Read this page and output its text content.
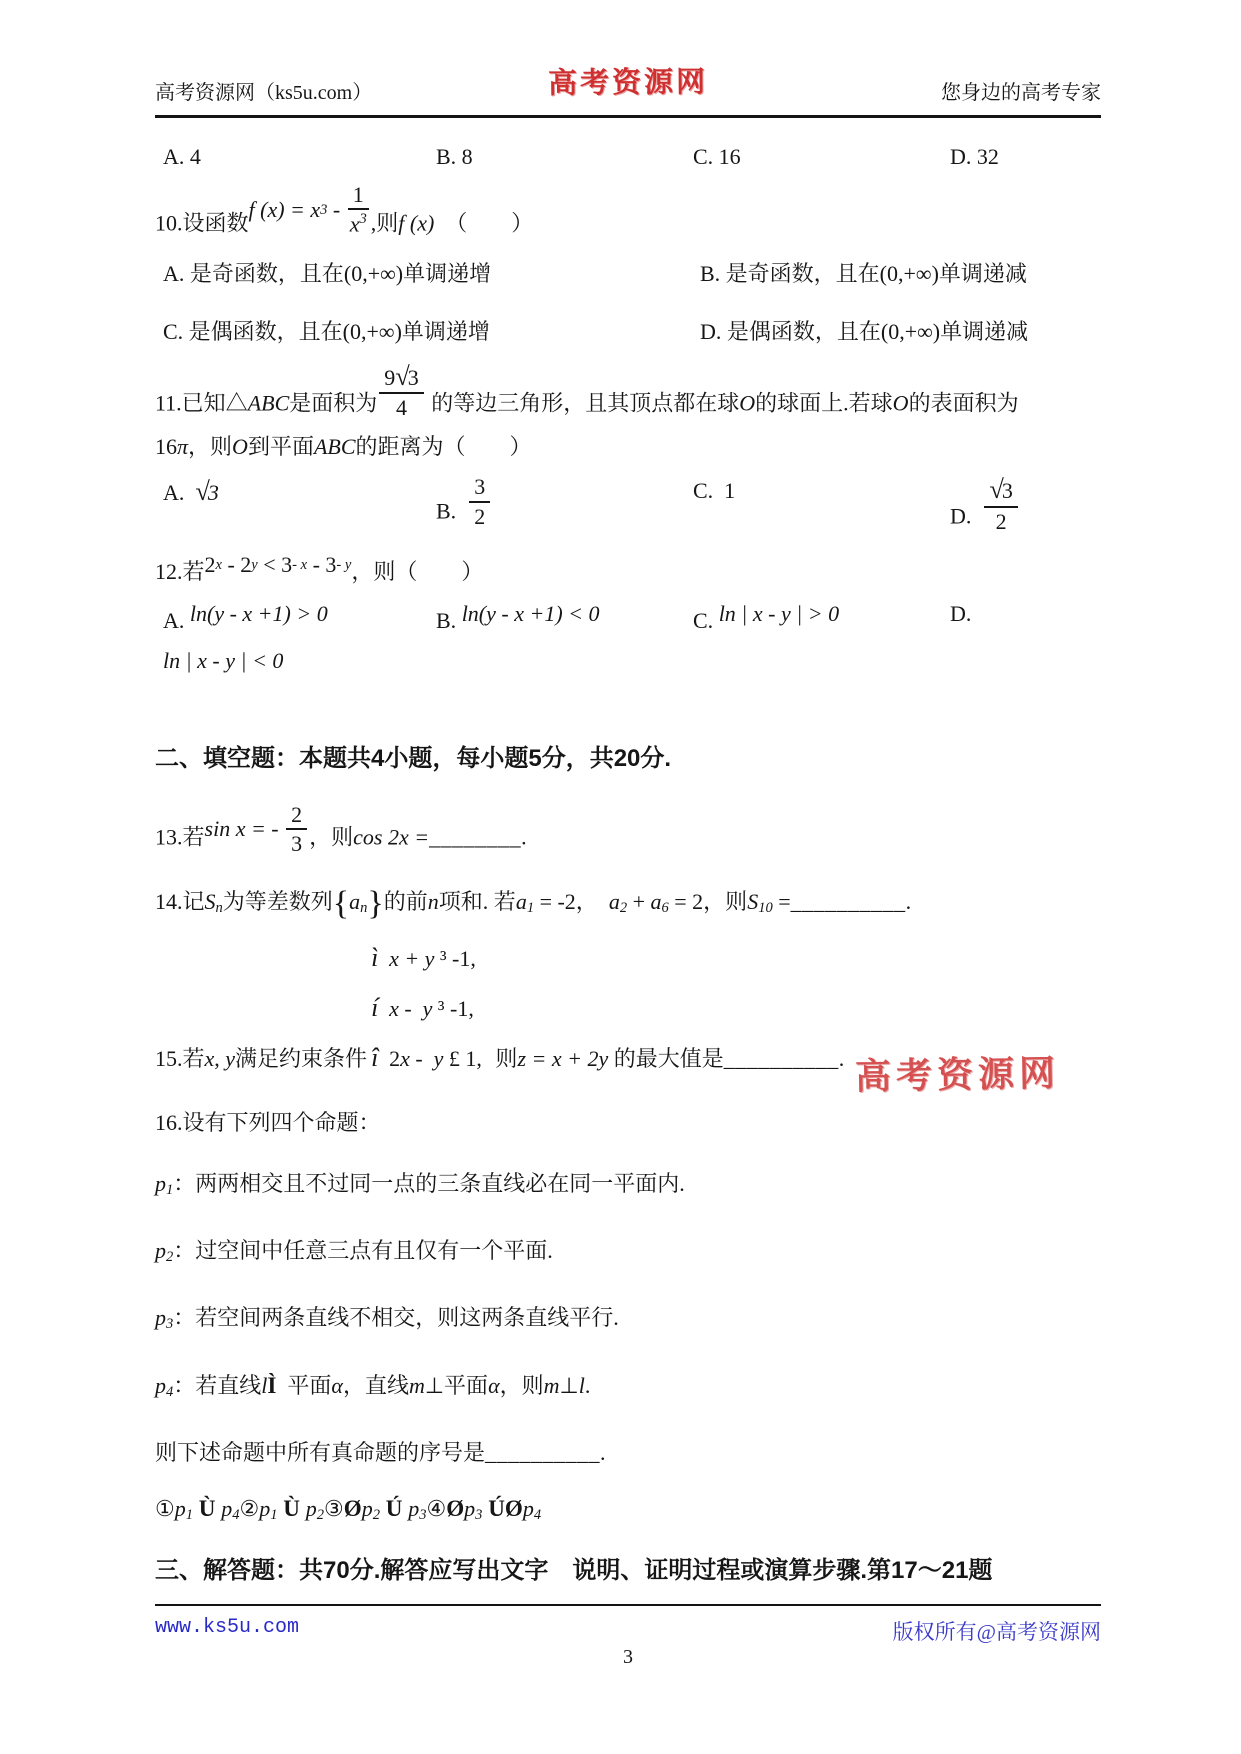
高考资源网（ks5u.com）	高考资源网	您身边的高考专家
A. 4	B. 8	C. 16	D. 32
10.设函数
f (x) = x $3 - \frac{1}{x^3}$ ,则f (x)  （　　）
A. 是奇函数，且在(0,+∞)单调递增	B. 是奇函数，且在(0,+∞)单调递减
C. 是偶函数，且在(0,+∞)单调递增	D. 是偶函数，且在(0,+∞)单调递减
11.已知△ABC是面积为 $\frac{9√3}{4}$ 的等边三角形，且其顶点都在球O的球面上.若球O的表面积为
16π，则O到平面ABC的距离为（　　）
A.  √3
B. $\frac{3}{2}$	C.  1
D. $\frac{√3}{2}$
12.若 2 x - 2 y < 3 - x - 3 - y ，则（　　）
A. ln(y - x +1) > 0	B. ln(y - x +1) < 0	C. ln | x - y | > 0	D.
ln | x - y | < 0
二、填空题：本题共4小题，每小题5分，共20分.
13.若 sin x = - $\frac{2}{3}$ ，则cos 2x =________.
14.记Sn为等差数列{an}的前n项和. 若a1 = -2，  a2 + a6 = 2，则S10 =__________.
15.若x, y满足约束条件
ì x + y ³ -1,
í x -  y ³ -1,
î 2 x -  y £ 1, 则z = x + 2y 的最大值是__________. 高考资源网
16.设有下列四个命题：
p1：两两相交且不过同一点的三条直线必在同一平面内.
p2：过空间中任意三点有且仅有一个平面.
p3：若空间两条直线不相交，则这两条直线平行.
p4：若直线lÌ  平面α，直线m⊥平面α，则m⊥l.
则下述命题中所有真命题的序号是__________.
①p1 Ù p4②p1 Ù p2③Øp2 Ú p3④Øp3 ÚØp4
三、解答题：共70分.解答应写出文字　说明、证明过程或演算步骤.第17～21题
www.ks5u.com	版权所有@高考资源网
3
